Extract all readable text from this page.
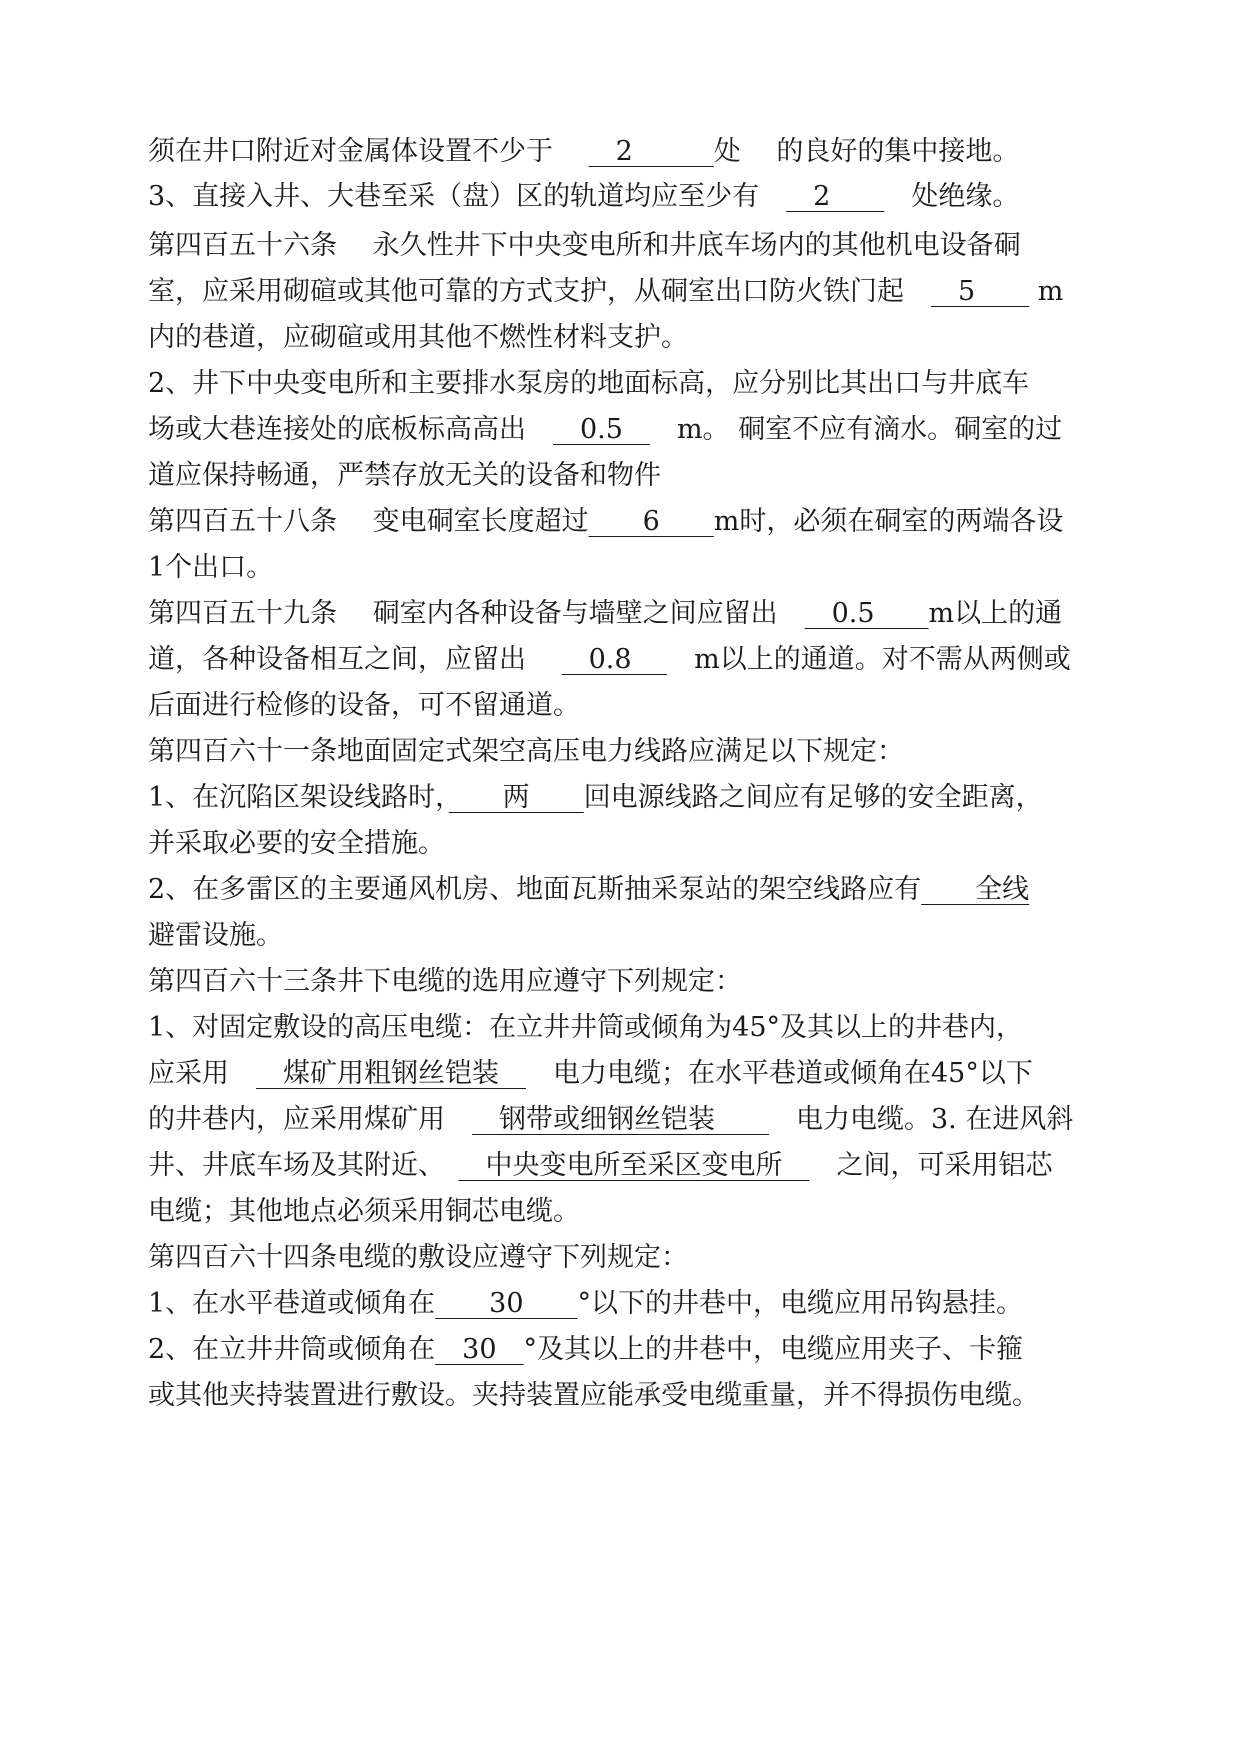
须在井口附近对金属体设置不少于　 　2　　　处　 的良好的集中接地。
3、直接入井、大巷至采（盘）区的轨道均应至少有　　2　　　处绝缘。
第四百五十六条　 永久性井下中央变电所和井底车场内的其他机电设备硐
室，应采用砌碹或其他可靠的方式支护，从硐室出口防火铁门起　　5　　 m
内的巷道，应砌碹或用其他不燃性材料支护。
2、井下中央变电所和主要排水泵房的地面标高，应分别比其出口与井底车
场或大巷连接处的底板标高高出　　0.5　　m。 硐室不应有滴水。硐室的过
道应保持畅通，严禁存放无关的设备和物件
第四百五十八条　 变电硐室长度超过　　6　　m时，必须在硐室的两端各设
1个出口。
第四百五十九条　 硐室内各种设备与墙壁之间应留出　　0.5　　m以上的通
道，各种设备相互之间，应留出　 　0.8　 　m以上的通道。对不需从两侧或
后面进行检修的设备，可不留通道。
第四百六十一条地面固定式架空高压电力线路应满足以下规定：
1、在沉陷区架设线路时，　　两　　回电源线路之间应有足够的安全距离，
并采取必要的安全措施。
2、在多雷区的主要通风机房、地面瓦斯抽采泵站的架空线路应有　　全线
避雷设施。
第四百六十三条井下电缆的选用应遵守下列规定：
1、对固定敷设的高压电缆：在立井井筒或倾角为45°及其以上的井巷内，
应采用　　煤矿用粗钢丝铠装　　电力电缆；在水平巷道或倾角在45°以下
的井巷内，应采用煤矿用　　钢带或细钢丝铠装　　　电力电缆。3. 在进风斜
井、井底车场及其附近、　　中央变电所至采区变电所　　之间，可采用铝芯
电缆；其他地点必须采用铜芯电缆。
第四百六十四条电缆的敷设应遵守下列规定：
1、在水平巷道或倾角在　　30　　°以下的井巷中，电缆应用吊钩悬挂。
2、在立井井筒或倾角在　30　°及其以上的井巷中，电缆应用夹子、卡箍
或其他夹持装置进行敷设。夹持装置应能承受电缆重量，并不得损伤电缆。
